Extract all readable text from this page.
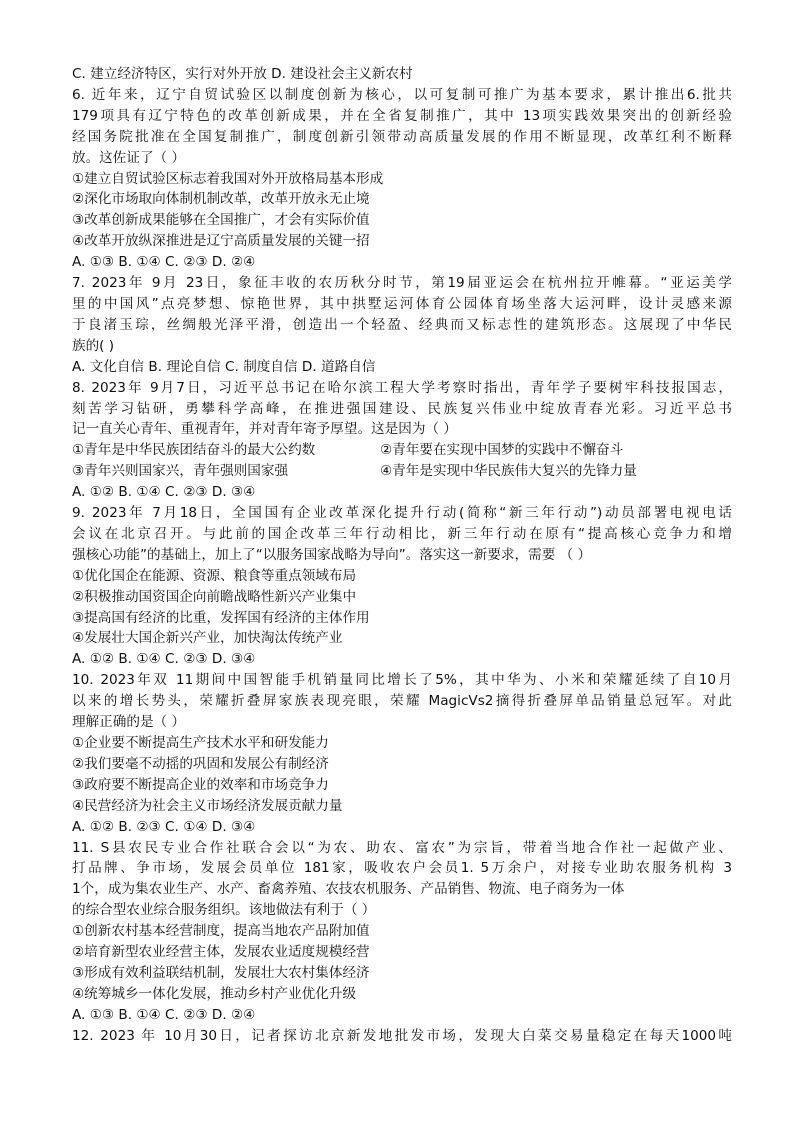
C. 建立经济特区，实行对外开放 D. 建设社会主义新农村
6. 近年来，辽宁自贸试验区以制度创新为核心，以可复制可推广为基本要求，累计推出6.批共
179项具有辽宁特色的改革创新成果，并在全省复制推广，其中 13项实践效果突出的创新经验
经国务院批准在全国复制推广，制度创新引领带动高质量发展的作用不断显现，改革红利不断释
放。这佐证了（ ）
①建立自贸试验区标志着我国对外开放格局基本形成
②深化市场取向体制机制改革，改革开放永无止境
③改革创新成果能够在全国推广，才会有实际价值
④改革开放纵深推进是辽宁高质量发展的关键一招
A. ①③ B. ①④ C. ②③ D. ②④
7. 2023年 9月 23日，象征丰收的农历秋分时节，第19届亚运会在杭州拉开帷幕。“亚运美学
里的中国风”点亮梦想、惊艳世界，其中拱墅运河体育公园体育场坐落大运河畔，设计灵感来源
于良渚玉琮，丝绸般光泽平滑，创造出一个轻盈、经典而又标志性的建筑形态。这展现了中华民
族的( )
A. 文化自信 B. 理论自信 C. 制度自信 D. 道路自信
8. 2023年 9月7日，习近平总书记在哈尔滨工程大学考察时指出，青年学子要树牢科技报国志，
刻苦学习钻研，勇攀科学高峰，在推进强国建设、民族复兴伟业中绽放青春光彩。习近平总书
记一直关心青年、重视青年，并对青年寄予厚望。这是因为（ ）
①青年是中华民族团结奋斗的最大公约数	②青年要在实现中国梦的实践中不懈奋斗
③青年兴则国家兴，青年强则国家强	④青年是实现中华民族伟大复兴的先锋力量
A. ①② B. ①④ C. ②③ D. ③④
9. 2023年 7月18日，全国国有企业改革深化提升行动(简称“新三年行动”)动员部署电视电话
会议在北京召开。与此前的国企改革三年行动相比，新三年行动在原有“提高核心竞争力和增
强核心功能”的基础上，加上了“以服务国家战略为导向”。落实这一新要求，需要 （ ）
①优化国企在能源、资源、粮食等重点领域布局
②积极推动国资国企向前瞻战略性新兴产业集中
③提高国有经济的比重，发挥国有经济的主体作用
④发展壮大国企新兴产业，加快淘汰传统产业
A. ①② B. ①④ C. ②③ D. ③④
10. 2023年双 11期间中国智能手机销量同比增长了5%，其中华为、小米和荣耀延续了自10月
以来的增长势头，荣耀折叠屏家族表现亮眼，荣耀 MagicVs2摘得折叠屏单品销量总冠军。对此
理解正确的是（ ）
①企业要不断提高生产技术水平和研发能力
②我们要毫不动摇的巩固和发展公有制经济
③政府要不断提高企业的效率和市场竞争力
④民营经济为社会主义市场经济发展贡献力量
A. ①② B. ②③ C. ①④ D. ③④
11. S县农民专业合作社联合会以“为农、助农、富农”为宗旨，带着当地合作社一起做产业、
打品牌、争市场，发展会员单位 181家，吸收农户会员1. 5万余户，对接专业助农服务机构 3
1个，成为集农业生产、水产、畜禽养殖、农技农机服务、产品销售、物流、电子商务为一体
的综合型农业综合服务组织。该地做法有利于（ ）
①创新农村基本经营制度，提高当地农产品附加值
②培育新型农业经营主体，发展农业适度规模经营
③形成有效利益联结机制，发展壮大农村集体经济
④统筹城乡一体化发展，推动乡村产业优化升级
A. ①③ B. ①④ C. ②③ D. ②④
12. 2023 年 10月30日，记者探访北京新发地批发市场，发现大白菜交易量稳定在每天1000吨
